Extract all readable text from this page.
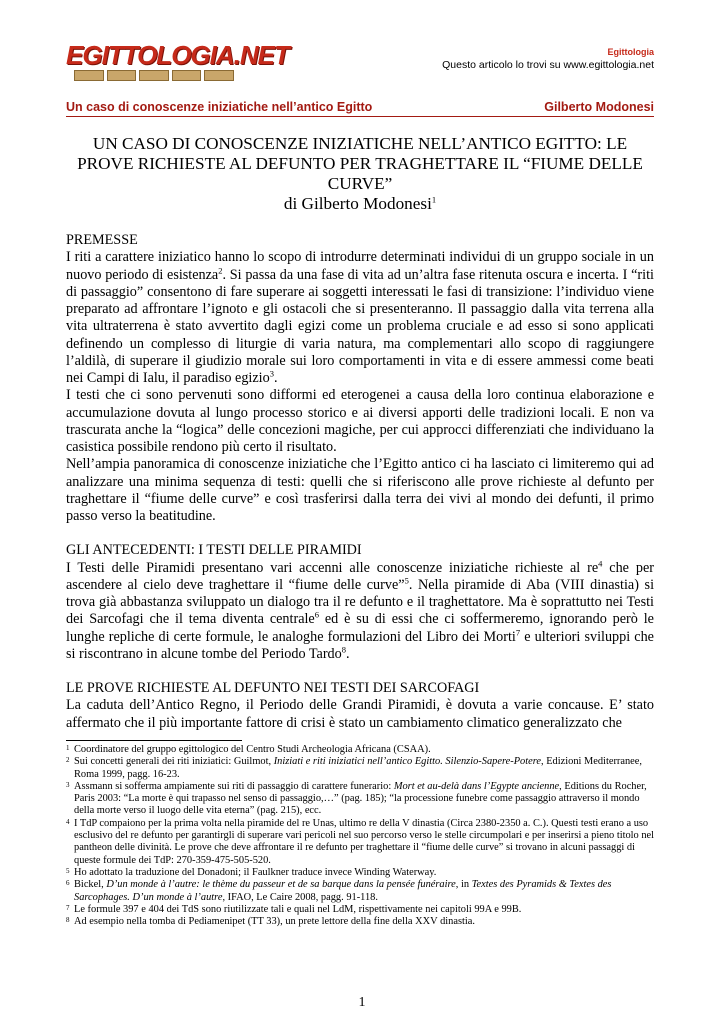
EGITTOLOGIA.NET	Egittologia
Questo articolo lo trovi su www.egittologia.net
Un caso di conoscenze iniziatiche nell’antico Egitto	Gilberto Modonesi
UN CASO DI CONOSCENZE INIZIATICHE NELL’ANTICO EGITTO: LE
PROVE RICHIESTE AL DEFUNTO PER TRAGHETTARE IL “FIUME DELLE
CURVE”
di Gilberto Modonesi$^1$

PREMESSE

I riti a carattere iniziatico hanno lo scopo di introdurre determinati individui di un gruppo sociale in un nuovo periodo di esistenza$^2$. Si passa da una fase di vita ad un’altra fase ritenuta oscura e incerta. I “riti di passaggio” consentono di fare superare ai soggetti interessati le fasi di transizione: l’individuo viene preparato ad affrontare l’ignoto e gli ostacoli che si presenteranno. Il passaggio dalla vita terrena alla vita ultraterrena è stato avvertito dagli egizi come un problema cruciale e ad esso si sono applicati definendo un complesso di liturgie di varia natura, ma complementari allo scopo di raggiungere l’aldilà, di superare il giudizio morale sui loro comportamenti in vita e di essere ammessi come beati nei Campi di Ialu, il paradiso egizio$^3$.

I testi che ci sono pervenuti sono difformi ed eterogenei a causa della loro continua elaborazione e accumulazione dovuta al lungo processo storico e ai diversi apporti delle tradizioni locali. E non va trascurata anche la “logica” delle concezioni magiche, per cui approcci differenziati che individuano la casistica possibile rendono più certo il risultato.

Nell’ampia panoramica di conoscenze iniziatiche che l’Egitto antico ci ha lasciato ci limiteremo qui ad analizzare una minima sequenza di testi: quelli che si riferiscono alle prove richieste al defunto per traghettare il “fiume delle curve” e così trasferirsi dalla terra dei vivi al mondo dei defunti, il primo passo verso la beatitudine.

GLI ANTECEDENTI: I TESTI DELLE PIRAMIDI

I Testi delle Piramidi presentano vari accenni alle conoscenze iniziatiche richieste al $re^4$ che per ascendere al cielo deve traghettare il “fiume delle curve”$^5$. Nella piramide di Aba (VIII dinastia) si trova già abbastanza sviluppato un dialogo tra il re defunto e il traghettatore. Ma è soprattutto nei Testi dei Sarcofagi che il tema diventa centrale$^6$ ed è su di essi che ci soffermeremo, ignorando però le lunghe repliche di certe formule, le analoghe formulazioni del Libro dei Morti$^7$ e ulteriori sviluppi che si riscontrano in alcune tombe del Periodo Tardo$^8$.

LE PROVE RICHIESTE AL DEFUNTO NEI TESTI DEI SARCOFAGI

La caduta dell’Antico Regno, il Periodo delle Grandi Piramidi, è dovuta a varie concause. E’ stato affermato che il più importante fattore di crisi è stato un cambiamento climatico generalizzato che

1 Coordinatore del gruppo egittologico del Centro Studi Archeologia Africana (CSAA).
2 Sui concetti generali dei riti iniziatici: Guilmot, Iniziati e riti iniziatici nell’antico Egitto. Silenzio-Sapere-Potere, Edizioni Mediterranee, Roma 1999, pagg. 16-23.
3 Assmann si sofferma ampiamente sui riti di passaggio di carattere funerario: Mort et au-delà dans l’Egypte ancienne, Editions du Rocher, Paris 2003: “La morte è qui trapasso nel senso di passaggio,…” (pag. 185); “la processione funebre come passaggio attraverso il mondo della morte verso il luogo delle vita eterna” (pag. 215), ecc.
4 I TdP compaiono per la prima volta nella piramide del re Unas, ultimo re della V dinastia (Circa 2380-2350 a. C.). Questi testi erano a uso esclusivo del re defunto per garantirgli di superare vari pericoli nel suo percorso verso le stelle circumpolari e per inserirsi a pieno titolo nel pantheon delle divinità. Le prove che deve affrontare il re defunto per traghettare il “fiume delle curve” si trovano in alcuni passaggi di queste formule dei TdP: 270-359-475-505-520.
5 Ho adottato la traduzione del Donadoni; il Faulkner traduce invece Winding Waterway.
6 Bickel, D’un monde à l’autre: le thème du passeur et de sa barque dans la pensée funéraire, in Textes des Pyramids & Textes des Sarcophages. D’un monde à l’autre, IFAO, Le Caire 2008, pagg. 91-118.
7 Le formule 397 e 404 dei TdS sono riutilizzate tali e quali nel LdM, rispettivamente nei capitoli 99A e 99B.
8 Ad esempio nella tomba di Pediamenipet (TT 33), un prete lettore della fine della XXV dinastia.
1
